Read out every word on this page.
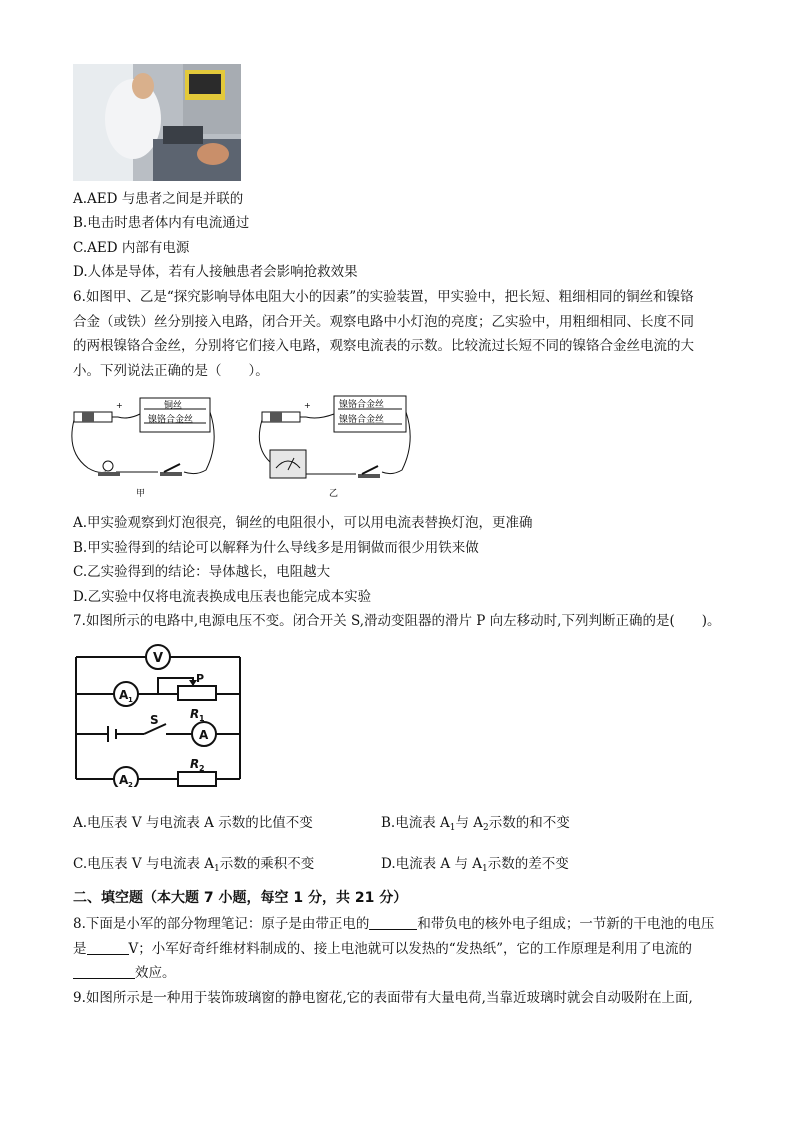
A.AED 与患者之间是并联的
B.电击时患者体内有电流通过
C.AED 内部有电源
D.人体是导体，若有人接触患者会影响抢救效果
6.如图甲、乙是“探究影响导体电阻大小的因素”的实验装置，甲实验中，把长短、粗细相同的铜丝和镍铬
合金（或铁）丝分别接入电路，闭合开关。观察电路中小灯泡的亮度；乙实验中，用粗细相同、长度不同
的两根镍铬合金丝，分别将它们接入电路，观察电流表的示数。比较流过长短不同的镍铬合金丝电流的大
小。下列说法正确的是（　　）。
+	铜丝
镍铬合金丝
甲
+	镍铬合金丝
镍铬合金丝
乙
A.甲实验观察到灯泡很亮，铜丝的电阻很小，可以用电流表替换灯泡，更准确
B.甲实验得到的结论可以解释为什么导线多是用铜做而很少用铁来做
C.乙实验得到的结论：导体越长，电阻越大
D.乙实验中仅将电流表换成电压表也能完成本实验
7.如图所示的电路中,电源电压不变。闭合开关 S,滑动变阻器的滑片 P 向左移动时,下列判断正确的是(　　)。
V
A 1
P
R 1
S
A
A 2
R 2
A.电压表 V 与电流表 A 示数的比值不变	B.电流表 $A_1$与 $A_2$示数的和不变
C.电压表 V 与电流表 $A_1$示数的乘积不变	D.电流表 A 与 $A_1$示数的差不变
二、填空题（本大题 7 小题，每空 1 分，共 21 分）
8.下面是小军的部分物理笔记：原子是由带正电的	和带负电的核外电子组成；一节新的干电池的电压
是	V；小军好奇纤维材料制成的、接上电池就可以发热的“发热纸”，它的工作原理是利用了电流的
效应。
9.如图所示是一种用于装饰玻璃窗的静电窗花,它的表面带有大量电荷,当靠近玻璃时就会自动吸附在上面,
